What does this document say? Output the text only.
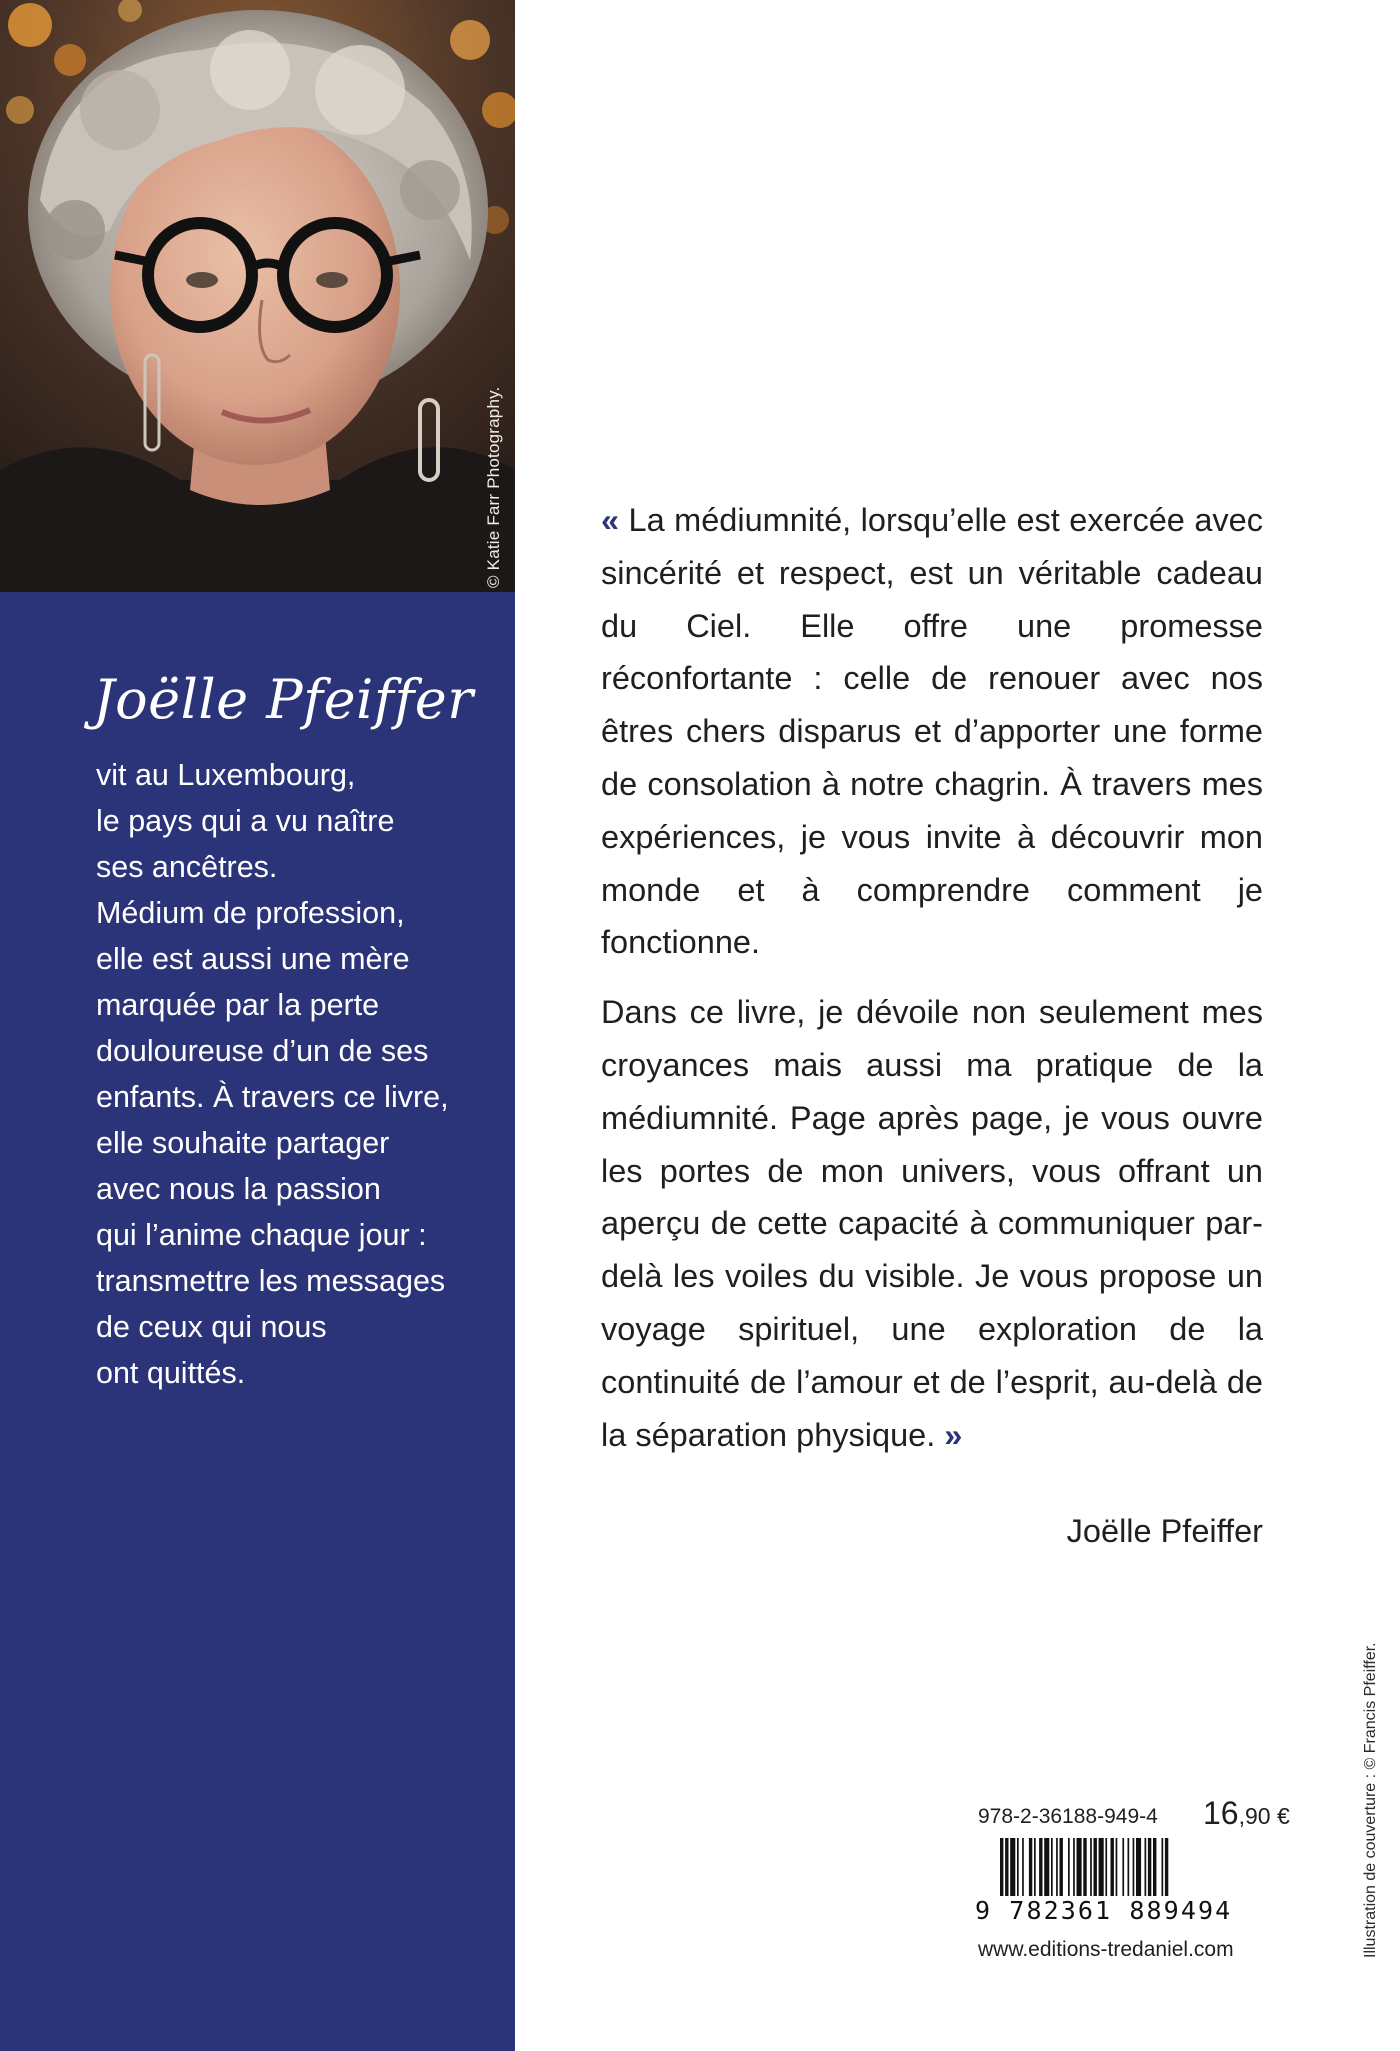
© Katie Farr Photography.
Joëlle Pfeiffer
vit au Luxembourg,
le pays qui a vu naître
ses ancêtres.
Médium de profession,
elle est aussi une mère
marquée par la perte
douloureuse d’un de ses
enfants. À travers ce livre,
elle souhaite partager
avec nous la passion
qui l’anime chaque jour :
transmettre les messages
de ceux qui nous
ont quittés.

« La médiumnité, lorsqu’elle est exercée avec sincérité et respect, est un véritable cadeau du Ciel. Elle offre une promesse réconfortante : celle de renouer avec nos êtres chers disparus et d’apporter une forme de consolation à notre chagrin. À travers mes expériences, je vous invite à découvrir mon monde et à comprendre comment je fonctionne.

Dans ce livre, je dévoile non seulement mes croyances mais aussi ma pratique de la médiumnité. Page après page, je vous ouvre les portes de mon univers, vous offrant un aperçu de cette capacité à communiquer par-delà les voiles du visible. Je vous propose un voyage spirituel, une exploration de la continuité de l’amour et de l’esprit, au-delà de la séparation physique. »

Joëlle Pfeiffer
978-2-36188-949-4 16,90 €
9 782361 889494
www.editions-tredaniel.com	Illustration de couverture : © Francis Pfeiffer.
